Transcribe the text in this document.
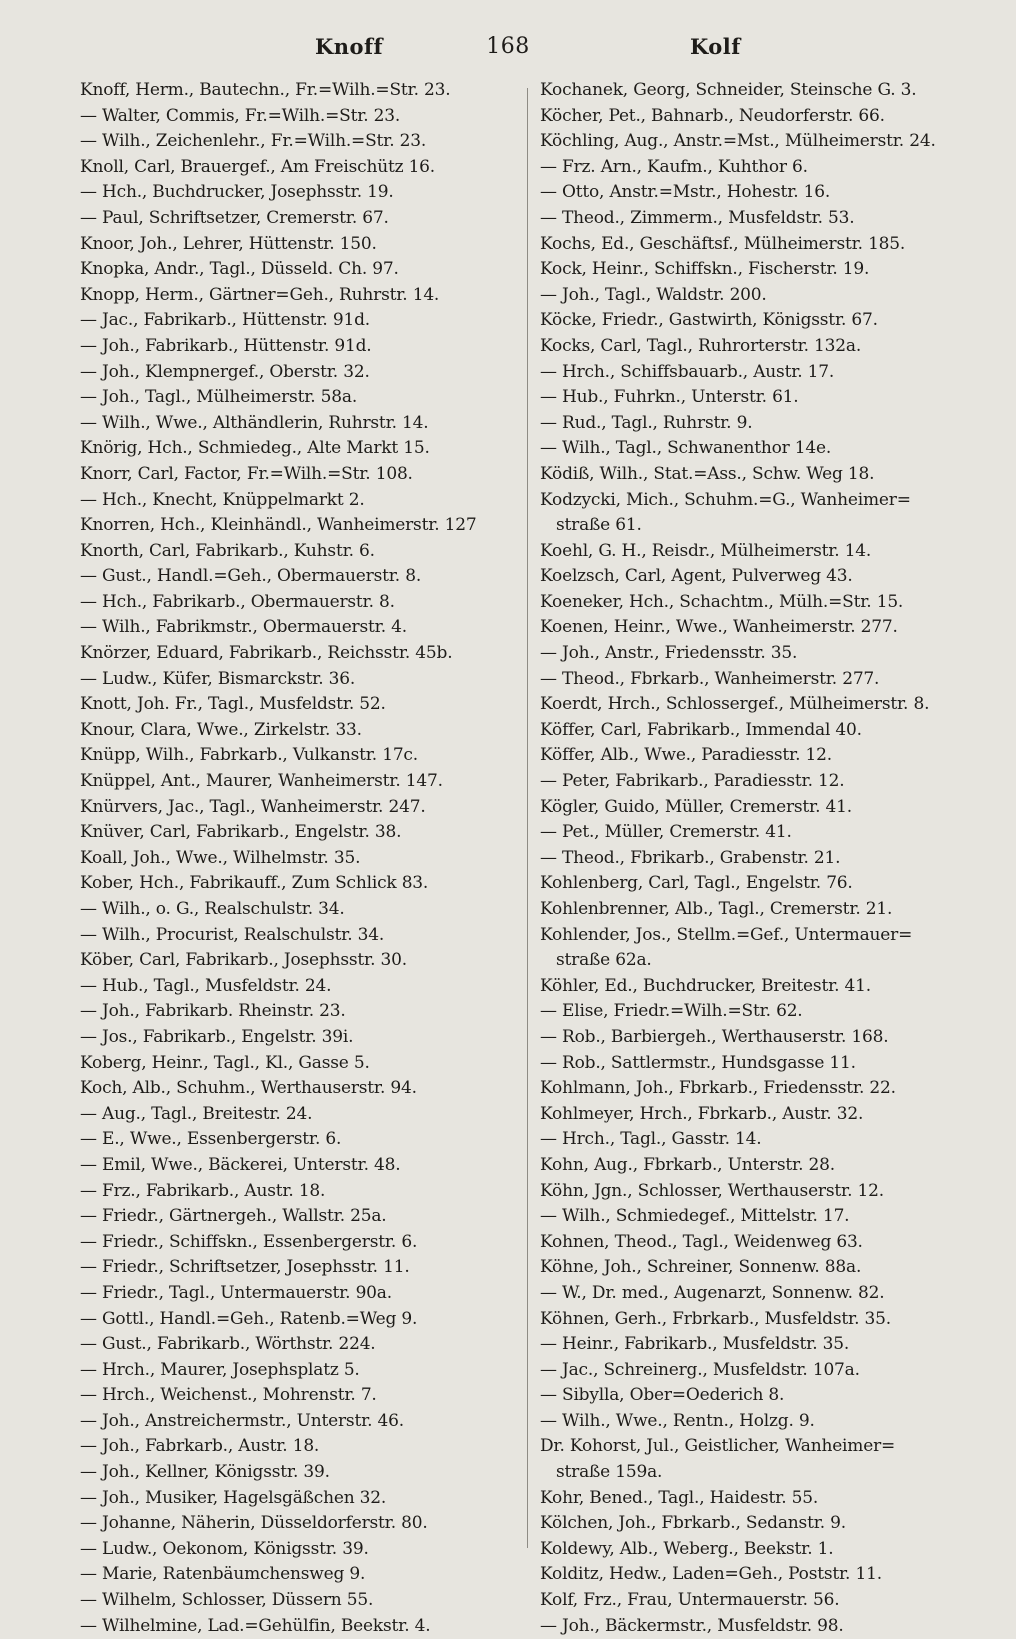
168
Knoff	Kolf
Knoff, Herm., Bautechn., Fr.=Wilh.=Str. 23.
— Walter, Commis, Fr.=Wilh.=Str. 23.
— Wilh., Zeichenlehr., Fr.=Wilh.=Str. 23.
Knoll, Carl, Brauergef., Am Freischütz 16.
— Hch., Buchdrucker, Josephsstr. 19.
— Paul, Schriftsetzer, Cremerstr. 67.
Knoor, Joh., Lehrer, Hüttenstr. 150.
Knopka, Andr., Tagl., Düsseld. Ch. 97.
Knopp, Herm., Gärtner=Geh., Ruhrstr. 14.
— Jac., Fabrikarb., Hüttenstr. 91d.
— Joh., Fabrikarb., Hüttenstr. 91d.
— Joh., Klempnergef., Oberstr. 32.
— Joh., Tagl., Mülheimerstr. 58a.
— Wilh., Wwe., Althändlerin, Ruhrstr. 14.
Knörig, Hch., Schmiedeg., Alte Markt 15.
Knorr, Carl, Factor, Fr.=Wilh.=Str. 108.
— Hch., Knecht, Knüppelmarkt 2.
Knorren, Hch., Kleinhändl., Wanheimerstr. 127
Knorth, Carl, Fabrikarb., Kuhstr. 6.
— Gust., Handl.=Geh., Obermauerstr. 8.
— Hch., Fabrikarb., Obermauerstr. 8.
— Wilh., Fabrikmstr., Obermauerstr. 4.
Knörzer, Eduard, Fabrikarb., Reichsstr. 45b.
— Ludw., Küfer, Bismarckstr. 36.
Knott, Joh. Fr., Tagl., Musfeldstr. 52.
Knour, Clara, Wwe., Zirkelstr. 33.
Knüpp, Wilh., Fabrkarb., Vulkanstr. 17c.
Knüppel, Ant., Maurer, Wanheimerstr. 147.
Knürvers, Jac., Tagl., Wanheimerstr. 247.
Knüver, Carl, Fabrikarb., Engelstr. 38.
Koall, Joh., Wwe., Wilhelmstr. 35.
Kober, Hch., Fabrikauff., Zum Schlick 83.
— Wilh., o. G., Realschulstr. 34.
— Wilh., Procurist, Realschulstr. 34.
Köber, Carl, Fabrikarb., Josephsstr. 30.
— Hub., Tagl., Musfeldstr. 24.
— Joh., Fabrikarb. Rheinstr. 23.
— Jos., Fabrikarb., Engelstr. 39i.
Koberg, Heinr., Tagl., Kl., Gasse 5.
Koch, Alb., Schuhm., Werthauserstr. 94.
— Aug., Tagl., Breitestr. 24.
— E., Wwe., Essenbergerstr. 6.
— Emil, Wwe., Bäckerei, Unterstr. 48.
— Frz., Fabrikarb., Austr. 18.
— Friedr., Gärtnergeh., Wallstr. 25a.
— Friedr., Schiffskn., Essenbergerstr. 6.
— Friedr., Schriftsetzer, Josephsstr. 11.
— Friedr., Tagl., Untermauerstr. 90a.
— Gottl., Handl.=Geh., Ratenb.=Weg 9.
— Gust., Fabrikarb., Wörthstr. 224.
— Hrch., Maurer, Josephsplatz 5.
— Hrch., Weichenst., Mohrenstr. 7.
— Joh., Anstreichermstr., Unterstr. 46.
— Joh., Fabrkarb., Austr. 18.
— Joh., Kellner, Königsstr. 39.
— Joh., Musiker, Hagelsgäßchen 32.
— Johanne, Näherin, Düsseldorferstr. 80.
— Ludw., Oekonom, Königsstr. 39.
— Marie, Ratenbäumchensweg 9.
— Wilhelm, Schlosser, Düssern 55.
— Wilhelmine, Lad.=Gehülfin, Beekstr. 4.
Kochanek, Georg, Schneider, Steinsche G. 3.
Köcher, Pet., Bahnarb., Neudorferstr. 66.
Köchling, Aug., Anstr.=Mst., Mülheimerstr. 24.
— Frz. Arn., Kaufm., Kuhthor 6.
— Otto, Anstr.=Mstr., Hohestr. 16.
— Theod., Zimmerm., Musfeldstr. 53.
Kochs, Ed., Geschäftsf., Mülheimerstr. 185.
Kock, Heinr., Schiffskn., Fischerstr. 19.
— Joh., Tagl., Waldstr. 200.
Köcke, Friedr., Gastwirth, Königsstr. 67.
Kocks, Carl, Tagl., Ruhrorterstr. 132a.
— Hrch., Schiffsbauarb., Austr. 17.
— Hub., Fuhrkn., Unterstr. 61.
— Rud., Tagl., Ruhrstr. 9.
— Wilh., Tagl., Schwanenthor 14e.
Ködiß, Wilh., Stat.=Ass., Schw. Weg 18.
Kodzycki, Mich., Schuhm.=G., Wanheimer=
straße 61.
Koehl, G. H., Reisdr., Mülheimerstr. 14.
Koelzsch, Carl, Agent, Pulverweg 43.
Koeneker, Hch., Schachtm., Mülh.=Str. 15.
Koenen, Heinr., Wwe., Wanheimerstr. 277.
— Joh., Anstr., Friedensstr. 35.
— Theod., Fbrkarb., Wanheimerstr. 277.
Koerdt, Hrch., Schlossergef., Mülheimerstr. 8.
Köffer, Carl, Fabrikarb., Immendal 40.
Köffer, Alb., Wwe., Paradiesstr. 12.
— Peter, Fabrikarb., Paradiesstr. 12.
Kögler, Guido, Müller, Cremerstr. 41.
— Pet., Müller, Cremerstr. 41.
— Theod., Fbrikarb., Grabenstr. 21.
Kohlenberg, Carl, Tagl., Engelstr. 76.
Kohlenbrenner, Alb., Tagl., Cremerstr. 21.
Kohlender, Jos., Stellm.=Gef., Untermauer=
straße 62a.
Köhler, Ed., Buchdrucker, Breitestr. 41.
— Elise, Friedr.=Wilh.=Str. 62.
— Rob., Barbiergeh., Werthauserstr. 168.
— Rob., Sattlermstr., Hundsgasse 11.
Kohlmann, Joh., Fbrkarb., Friedensstr. 22.
Kohlmeyer, Hrch., Fbrkarb., Austr. 32.
— Hrch., Tagl., Gasstr. 14.
Kohn, Aug., Fbrkarb., Unterstr. 28.
Köhn, Jgn., Schlosser, Werthauserstr. 12.
— Wilh., Schmiedegef., Mittelstr. 17.
Kohnen, Theod., Tagl., Weidenweg 63.
Köhne, Joh., Schreiner, Sonnenw. 88a.
— W., Dr. med., Augenarzt, Sonnenw. 82.
Köhnen, Gerh., Frbrkarb., Musfeldstr. 35.
— Heinr., Fabrikarb., Musfeldstr. 35.
— Jac., Schreinerg., Musfeldstr. 107a.
— Sibylla, Ober=Oederich 8.
— Wilh., Wwe., Rentn., Holzg. 9.
Dr. Kohorst, Jul., Geistlicher, Wanheimer=
straße 159a.
Kohr, Bened., Tagl., Haidestr. 55.
Kölchen, Joh., Fbrkarb., Sedanstr. 9.
Koldewy, Alb., Weberg., Beekstr. 1.
Kolditz, Hedw., Laden=Geh., Poststr. 11.
Kolf, Frz., Frau, Untermauerstr. 56.
— Joh., Bäckermstr., Musfeldstr. 98.
